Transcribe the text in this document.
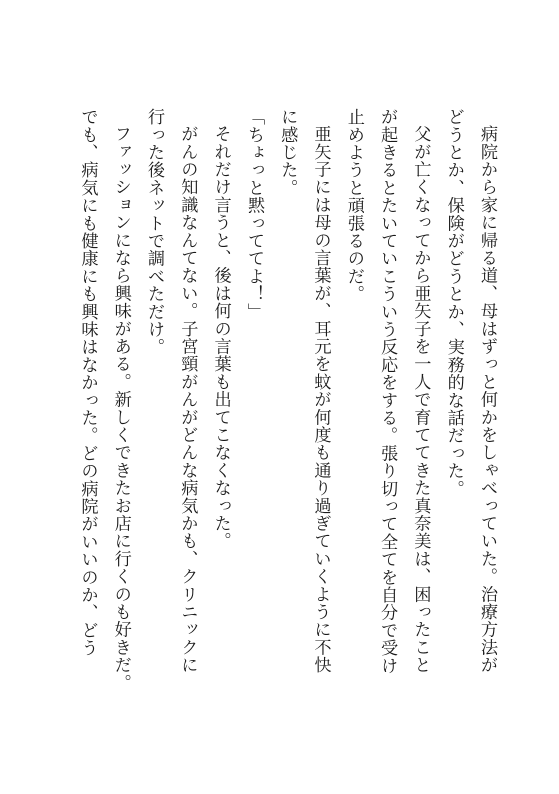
病院から家に帰る道、母はずっと何かをしゃべっていた。治療方法が
どうとか、保険がどうとか、実務的な話だった。
父が亡くなってから亜矢子を一人で育ててきた真奈美は、困ったこと
が起きるとたいていこういう反応をする。張り切って全てを自分で受け
止めようと頑張るのだ。
亜矢子には母の言葉が、耳元を蚊が何度も通り過ぎていくように不快
に感じた。
「ちょっと黙っててよ！」
それだけ言うと、後は何の言葉も出てこなくなった。
がんの知識なんてない。子宮頸がんがどんな病気かも、クリニックに
行った後ネットで調べただけ。
ファッションになら興味がある。新しくできたお店に行くのも好きだ。
でも、病気にも健康にも興味はなかった。どの病院がいいのか、どう
